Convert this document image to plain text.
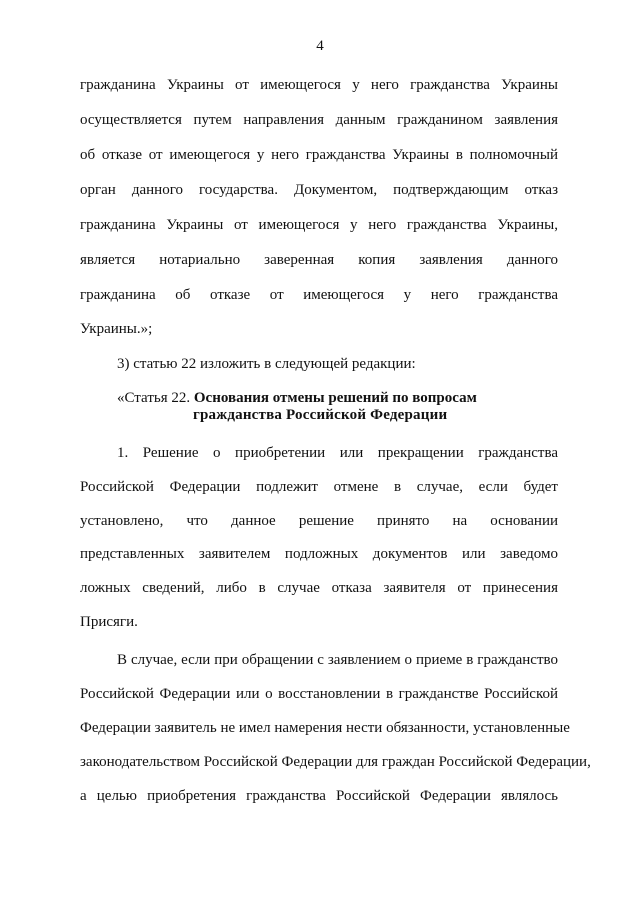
4
гражданина Украины от имеющегося у него гражданства Украины
осуществляется путем направления данным гражданином заявления
об отказе от имеющегося у него гражданства Украины в полномочный
орган данного государства. Документом, подтверждающим отказ
гражданина Украины от имеющегося у него гражданства Украины,
является нотариально заверенная копия заявления данного
гражданина об отказе от имеющегося у него гражданства
Украины.»;
3) статью 22 изложить в следующей редакции:
«Статья 22. Основания отмены решений по вопросам
гражданства Российской Федерации
1. Решение о приобретении или прекращении гражданства
Российской Федерации подлежит отмене в случае, если будет
установлено, что данное решение принято на основании
представленных заявителем подложных документов или заведомо
ложных сведений, либо в случае отказа заявителя от принесения
Присяги.
В случае, если при обращении с заявлением о приеме в гражданство
Российской Федерации или о восстановлении в гражданстве Российской
Федерации заявитель не имел намерения нести обязанности, установленные
законодательством Российской Федерации для граждан Российской Федерации,
а целью приобретения гражданства Российской Федерации являлось
